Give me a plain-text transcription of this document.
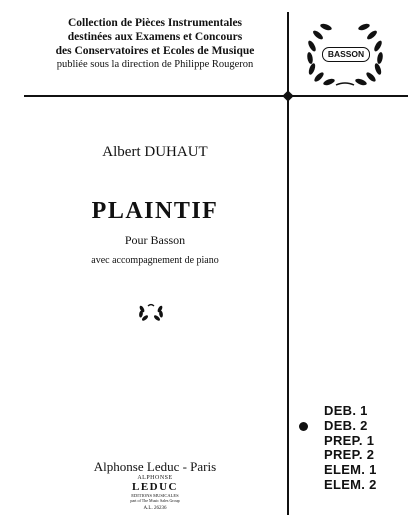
Collection de Pièces Instrumentales
destinées aux Examens et Concours
des Conservatoires et Ecoles de Musique
publiée sous la direction de Philippe Rougeron
BASSON
Albert DUHAUT
PLAINTIF
Pour Basson
avec accompagnement de piano
Alphonse Leduc - Paris
ALPHONSE
LEDUC
EDITIONS MUSICALES
part of The Music Sales Group
A.L. 26236
DEB. 1
DEB. 2
PREP. 1
PREP. 2
ELEM. 1
ELEM. 2
